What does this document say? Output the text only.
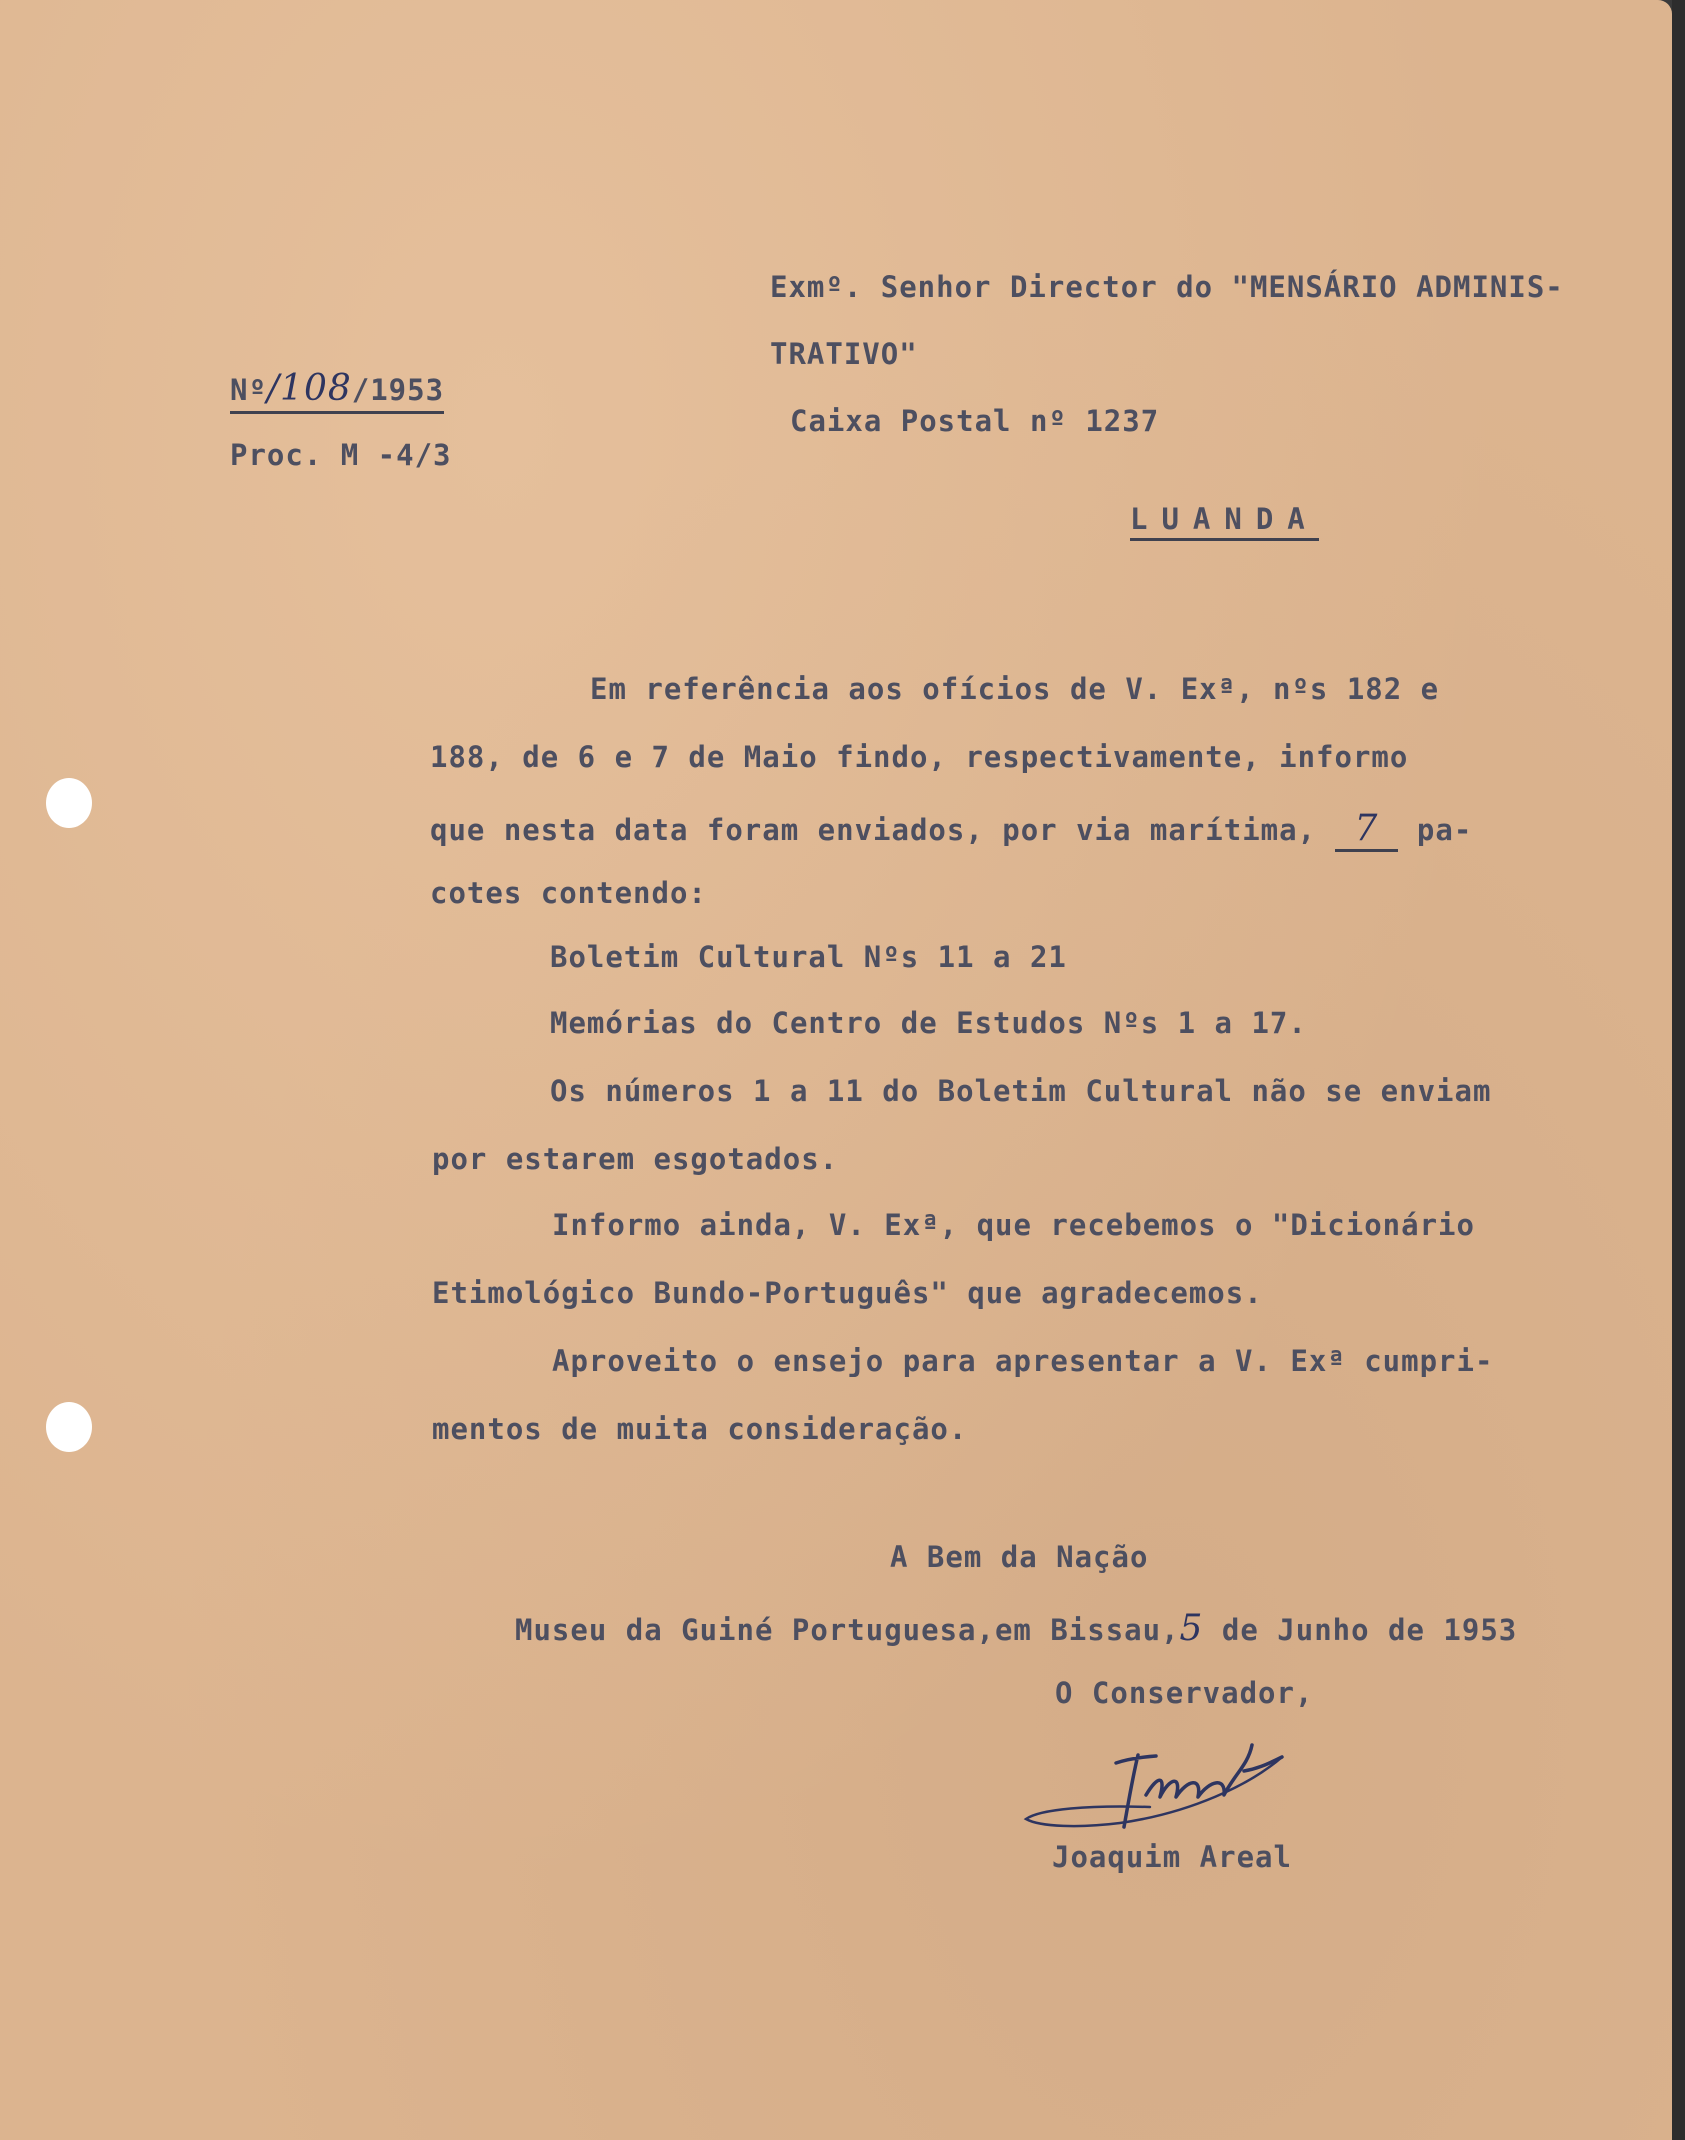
Nº/108/1953
Proc. M -4/3
Exmº. Senhor Director do "MENSÁRIO ADMINIS-
TRATIVO"
Caixa Postal nº 1237
LUANDA
Em referência aos ofícios de V. Exª, nºs 182 e
188, de 6 e 7 de Maio findo, respectivamente, informo
que nesta data foram enviados, por via marítima, 7 pa-
cotes contendo:
Boletim Cultural Nºs 11 a 21
Memórias do Centro de Estudos Nºs 1 a 17.
Os números 1 a 11 do Boletim Cultural não se enviam
por estarem esgotados.
Informo ainda, V. Exª, que recebemos o "Dicionário
Etimológico Bundo-Português" que agradecemos.
Aproveito o ensejo para apresentar a V. Exª cumpri-
mentos de muita consideração.
A Bem da Nação
Museu da Guiné Portuguesa,em Bissau,5 de Junho de 1953
O Conservador,
Joaquim Areal
